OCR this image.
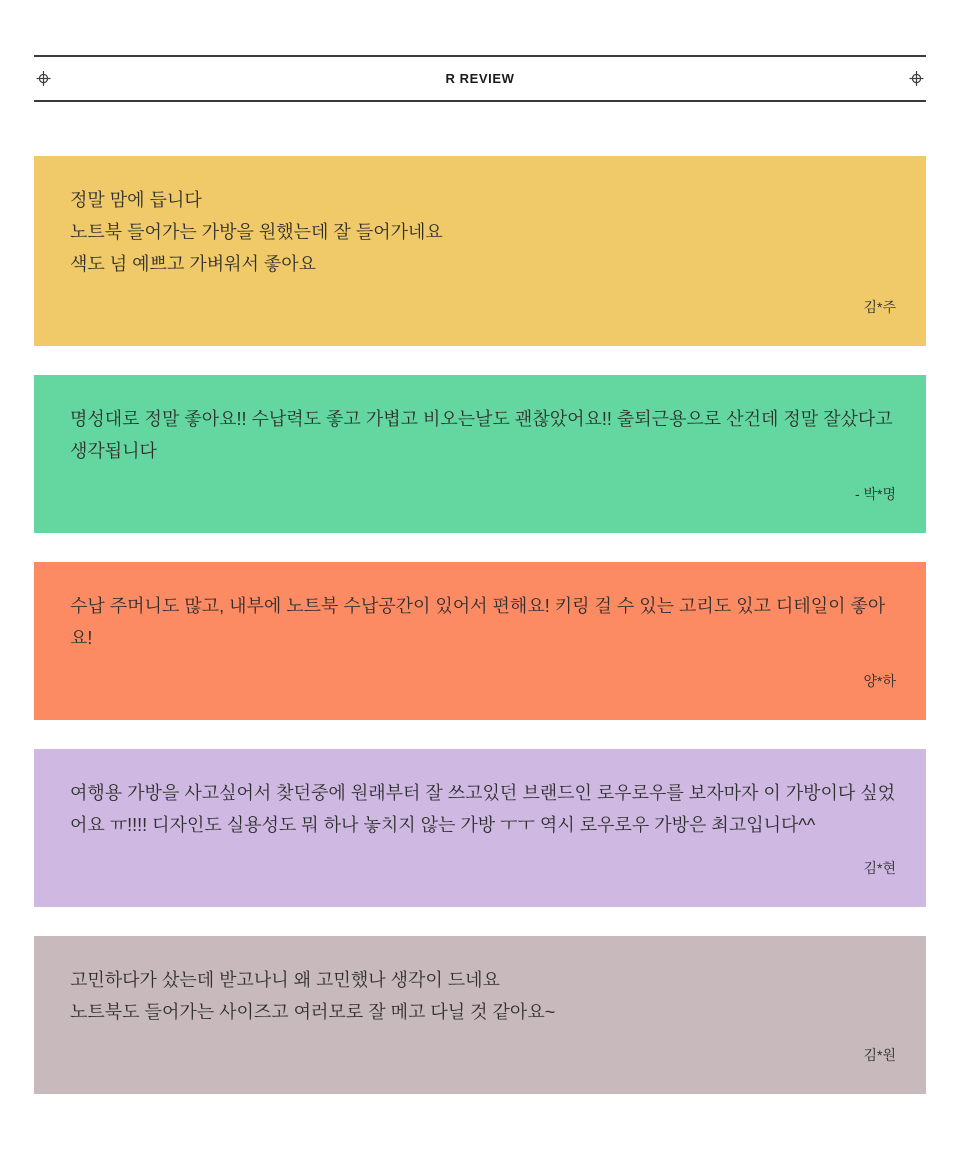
R REVIEW

정말 맘에 듭니다

노트북 들어가는 가방을 원했는데 잘 들어가네요

색도 넘 예쁘고 가벼워서 좋아요

김*주

명성대로 정말 좋아요!! 수납력도 좋고 가볍고 비오는날도 괜찮았어요!! 출퇴근용으로 산건데 정말 잘샀다고 생각됩니다

- 박*명

수납 주머니도 많고, 내부에 노트북 수납공간이 있어서 편해요! 키링 걸 수 있는 고리도 있고 디테일이 좋아요!

양*하

여행용 가방을 사고싶어서 찾던중에 원래부터 잘 쓰고있던 브랜드인 로우로우를 보자마자 이 가방이다 싶었어요 ㅠ!!!! 디자인도 실용성도 뭐 하나 놓치지 않는 가방 ㅜㅜ 역시 로우로우 가방은 최고입니다^^

김*현

고민하다가 샀는데 받고나니 왜 고민했나 생각이 드네요

노트북도 들어가는 사이즈고 여러모로 잘 메고 다닐 것 같아요~

김*원
